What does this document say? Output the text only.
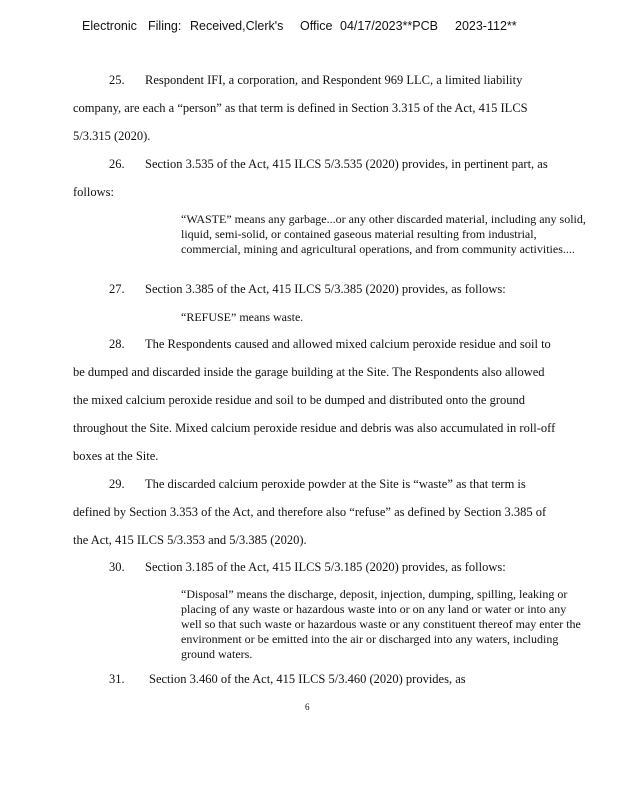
Electronic Filing: Received,Clerk's Office 04/17/2023**PCB 2023-112**
25. Respondent IFI, a corporation, and Respondent 969 LLC, a limited liability
company, are each a “person” as that term is defined in Section 3.315 of the Act, 415 ILCS
5/3.315 (2020).
26. Section 3.535 of the Act, 415 ILCS 5/3.535 (2020) provides, in pertinent part, as
follows:
“WASTE” means any garbage...or any other discarded material, including any solid, liquid, semi-solid, or contained gaseous material resulting from industrial, commercial, mining and agricultural operations, and from community activities....
27. Section 3.385 of the Act, 415 ILCS 5/3.385 (2020) provides, as follows:
“REFUSE” means waste.
28. The Respondents caused and allowed mixed calcium peroxide residue and soil to
be dumped and discarded inside the garage building at the Site. The Respondents also allowed
the mixed calcium peroxide residue and soil to be dumped and distributed onto the ground
throughout the Site. Mixed calcium peroxide residue and debris was also accumulated in roll-off
boxes at the Site.
29. The discarded calcium peroxide powder at the Site is “waste” as that term is
defined by Section 3.353 of the Act, and therefore also “refuse” as defined by Section 3.385 of
the Act, 415 ILCS 5/3.353 and 5/3.385 (2020).
30. Section 3.185 of the Act, 415 ILCS 5/3.185 (2020) provides, as follows:
“Disposal” means the discharge, deposit, injection, dumping, spilling, leaking or placing of any waste or hazardous waste into or on any land or water or into any well so that such waste or hazardous waste or any constituent thereof may enter the environment or be emitted into the air or discharged into any waters, including ground waters.
31. Section 3.460 of the Act, 415 ILCS 5/3.460 (2020) provides, as
6
